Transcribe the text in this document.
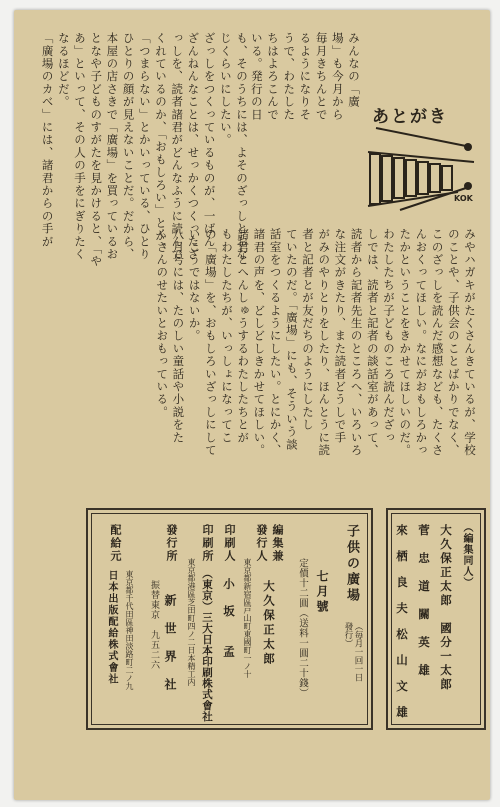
あとがき
KOK
みやハガキがたくさんきているが、学校
のことや、子供会のことばかりでなく、
このざっしを読んだ感想なども、たくさ
んおくってほしい。なにがおもしろかっ
たかということをきかせてほしいのだ。
わたしたちが子どものころ読んだざっ
しでは、読者と記者の談話室があって、
読者から記者先生のところへ、いろいろ
な注文がきたり、また読者どうしで手
がみのやりとりをしたり、ほんとうに読
者と記者とが友だちのようにしたし
ていたのだ。「廣場」にも、そういう談
話室をつくるようにしたい。とにかく、
諸君の声を、どしどしきかせてほしい。
諸君とへんしゅうするわたしたちとが
もわたしたちが、いっしょになってこ
の「廣場」を、おもしろいざっしにして
いこうではないか。
八月号には、たのしい童話や小説をた
くさんのせたいとおもっている。
みんなの「廣
場」も今月から
毎月きちんとで
るようになりそ
うで、わたした
ちはよろこんで
いる。発行の日
も、そのうちには、よそのざっしとおな
じくらいにしたい。
ざっしをつくっているものが、一ばん
ざんねんなことは、せっかくつくったざ
っしを、読者諸君がどんなふうに読んで
くれているのか、「おもしろい」とか、
「つまらない」とかいっている、ひとり
ひとりの顔が見えないことだ。だから、
本屋の店さきで「廣場」を買っているお
となや子どものすがたを見かけると、「や
あ」といって、その人の手をにぎりたく
なるほどだ。
「廣場のカベ」には、諸君からの手が
子供の廣場
（毎月一回一日發行）
七月號
定價十二圓（送料一圓二十錢）
編集兼
發行人
大久保正太郎
東京都新宿區戸山町東國町一ノ十
印刷人
小　坂　　孟
印刷所
（東京）三大日本印刷株式會社
東京都港區芝田町四ノ二日本精工内
發行所
新　世　界　社
振替東京　九五二六
配給元
東京都千代田區神田淡路町二ノ九
日本出版配給株式會社
（編集同人）
大久保正太郎　國分一太郎
菅　忠　道　關　英　雄
來　栖　良　夫　松　山　文　雄
